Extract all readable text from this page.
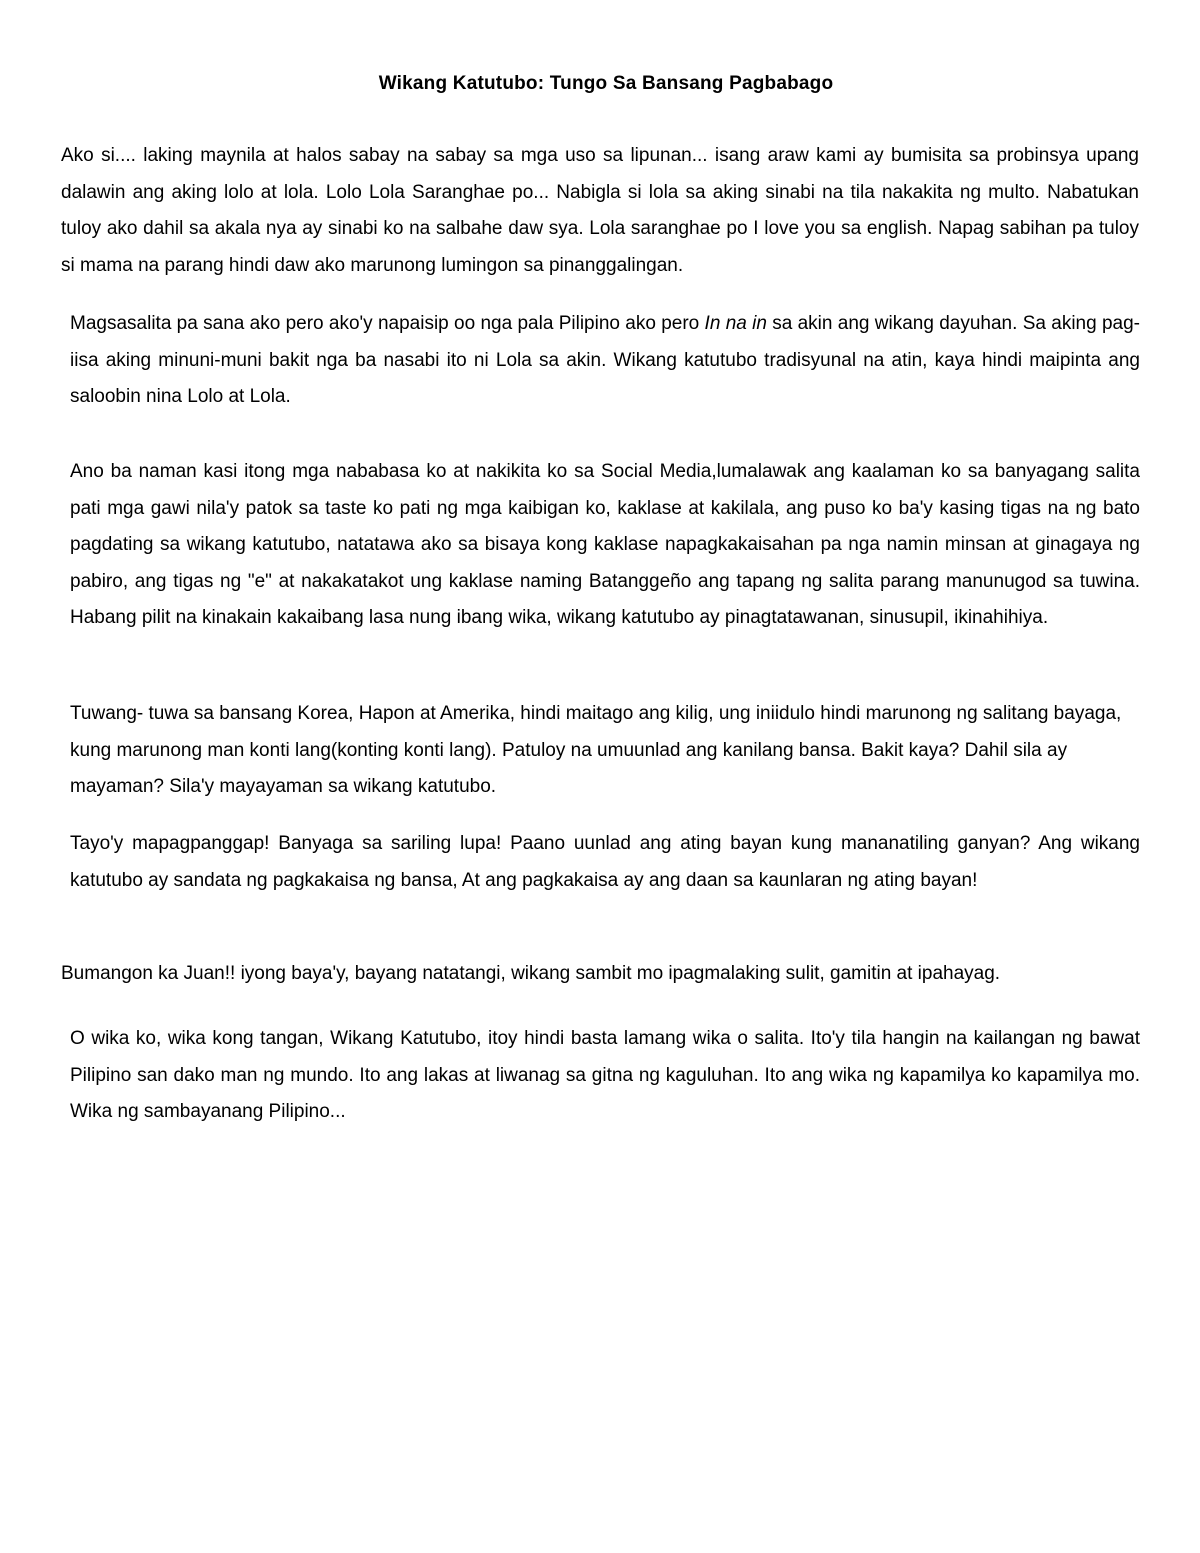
Wikang Katutubo: Tungo Sa Bansang Pagbabago

Ako si.... laking maynila at halos sabay na sabay sa mga uso sa lipunan... isang araw kami ay bumisita sa probinsya upang dalawin ang aking lolo at lola. Lolo Lola Saranghae po... Nabigla si lola sa aking sinabi na tila nakakita ng multo. Nabatukan tuloy ako dahil sa akala nya ay sinabi ko na salbahe daw sya. Lola saranghae po I love you sa english. Napag sabihan pa tuloy si mama na parang hindi daw ako marunong lumingon sa pinanggalingan.

Magsasalita pa sana ako pero ako'y napaisip oo nga pala Pilipino ako pero In na in sa akin ang wikang dayuhan. Sa aking pag-iisa aking minuni-muni bakit nga ba nasabi ito ni Lola sa akin. Wikang katutubo tradisyunal na atin, kaya hindi maipinta ang saloobin nina Lolo at Lola.

Ano ba naman kasi itong mga nababasa ko at nakikita ko sa Social Media,lumalawak ang kaalaman ko sa banyagang salita pati mga gawi nila'y patok sa taste ko pati ng mga kaibigan ko, kaklase at kakilala, ang puso ko ba'y kasing tigas na ng bato pagdating sa wikang katutubo, natatawa ako sa bisaya kong kaklase napagkakaisahan pa nga namin minsan at ginagaya ng pabiro, ang tigas ng "e" at nakakatakot ung kaklase naming Batanggeño ang tapang ng salita parang manunugod sa tuwina. Habang pilit na kinakain kakaibang lasa nung ibang wika, wikang katutubo ay pinagtatawanan, sinusupil, ikinahihiya.

Tuwang- tuwa sa bansang Korea, Hapon at Amerika, hindi maitago ang kilig, ung iniidulo hindi marunong ng salitang bayaga, kung marunong man konti lang(konting konti lang). Patuloy na umuunlad ang kanilang bansa. Bakit kaya? Dahil sila ay mayaman? Sila'y mayayaman sa wikang katutubo.

Tayo'y mapagpanggap! Banyaga sa sariling lupa! Paano uunlad ang ating bayan kung mananatiling ganyan? Ang wikang katutubo ay sandata ng pagkakaisa ng bansa, At ang pagkakaisa ay ang daan sa kaunlaran ng ating bayan!

Bumangon ka Juan!! iyong baya'y, bayang natatangi, wikang sambit mo ipagmalaking sulit, gamitin at ipahayag.

O wika ko, wika kong tangan, Wikang Katutubo, itoy hindi basta lamang wika o salita. Ito'y tila hangin na kailangan ng bawat Pilipino san dako man ng mundo. Ito ang lakas at liwanag sa gitna ng kaguluhan. Ito ang wika ng kapamilya ko kapamilya mo. Wika ng sambayanang Pilipino...
